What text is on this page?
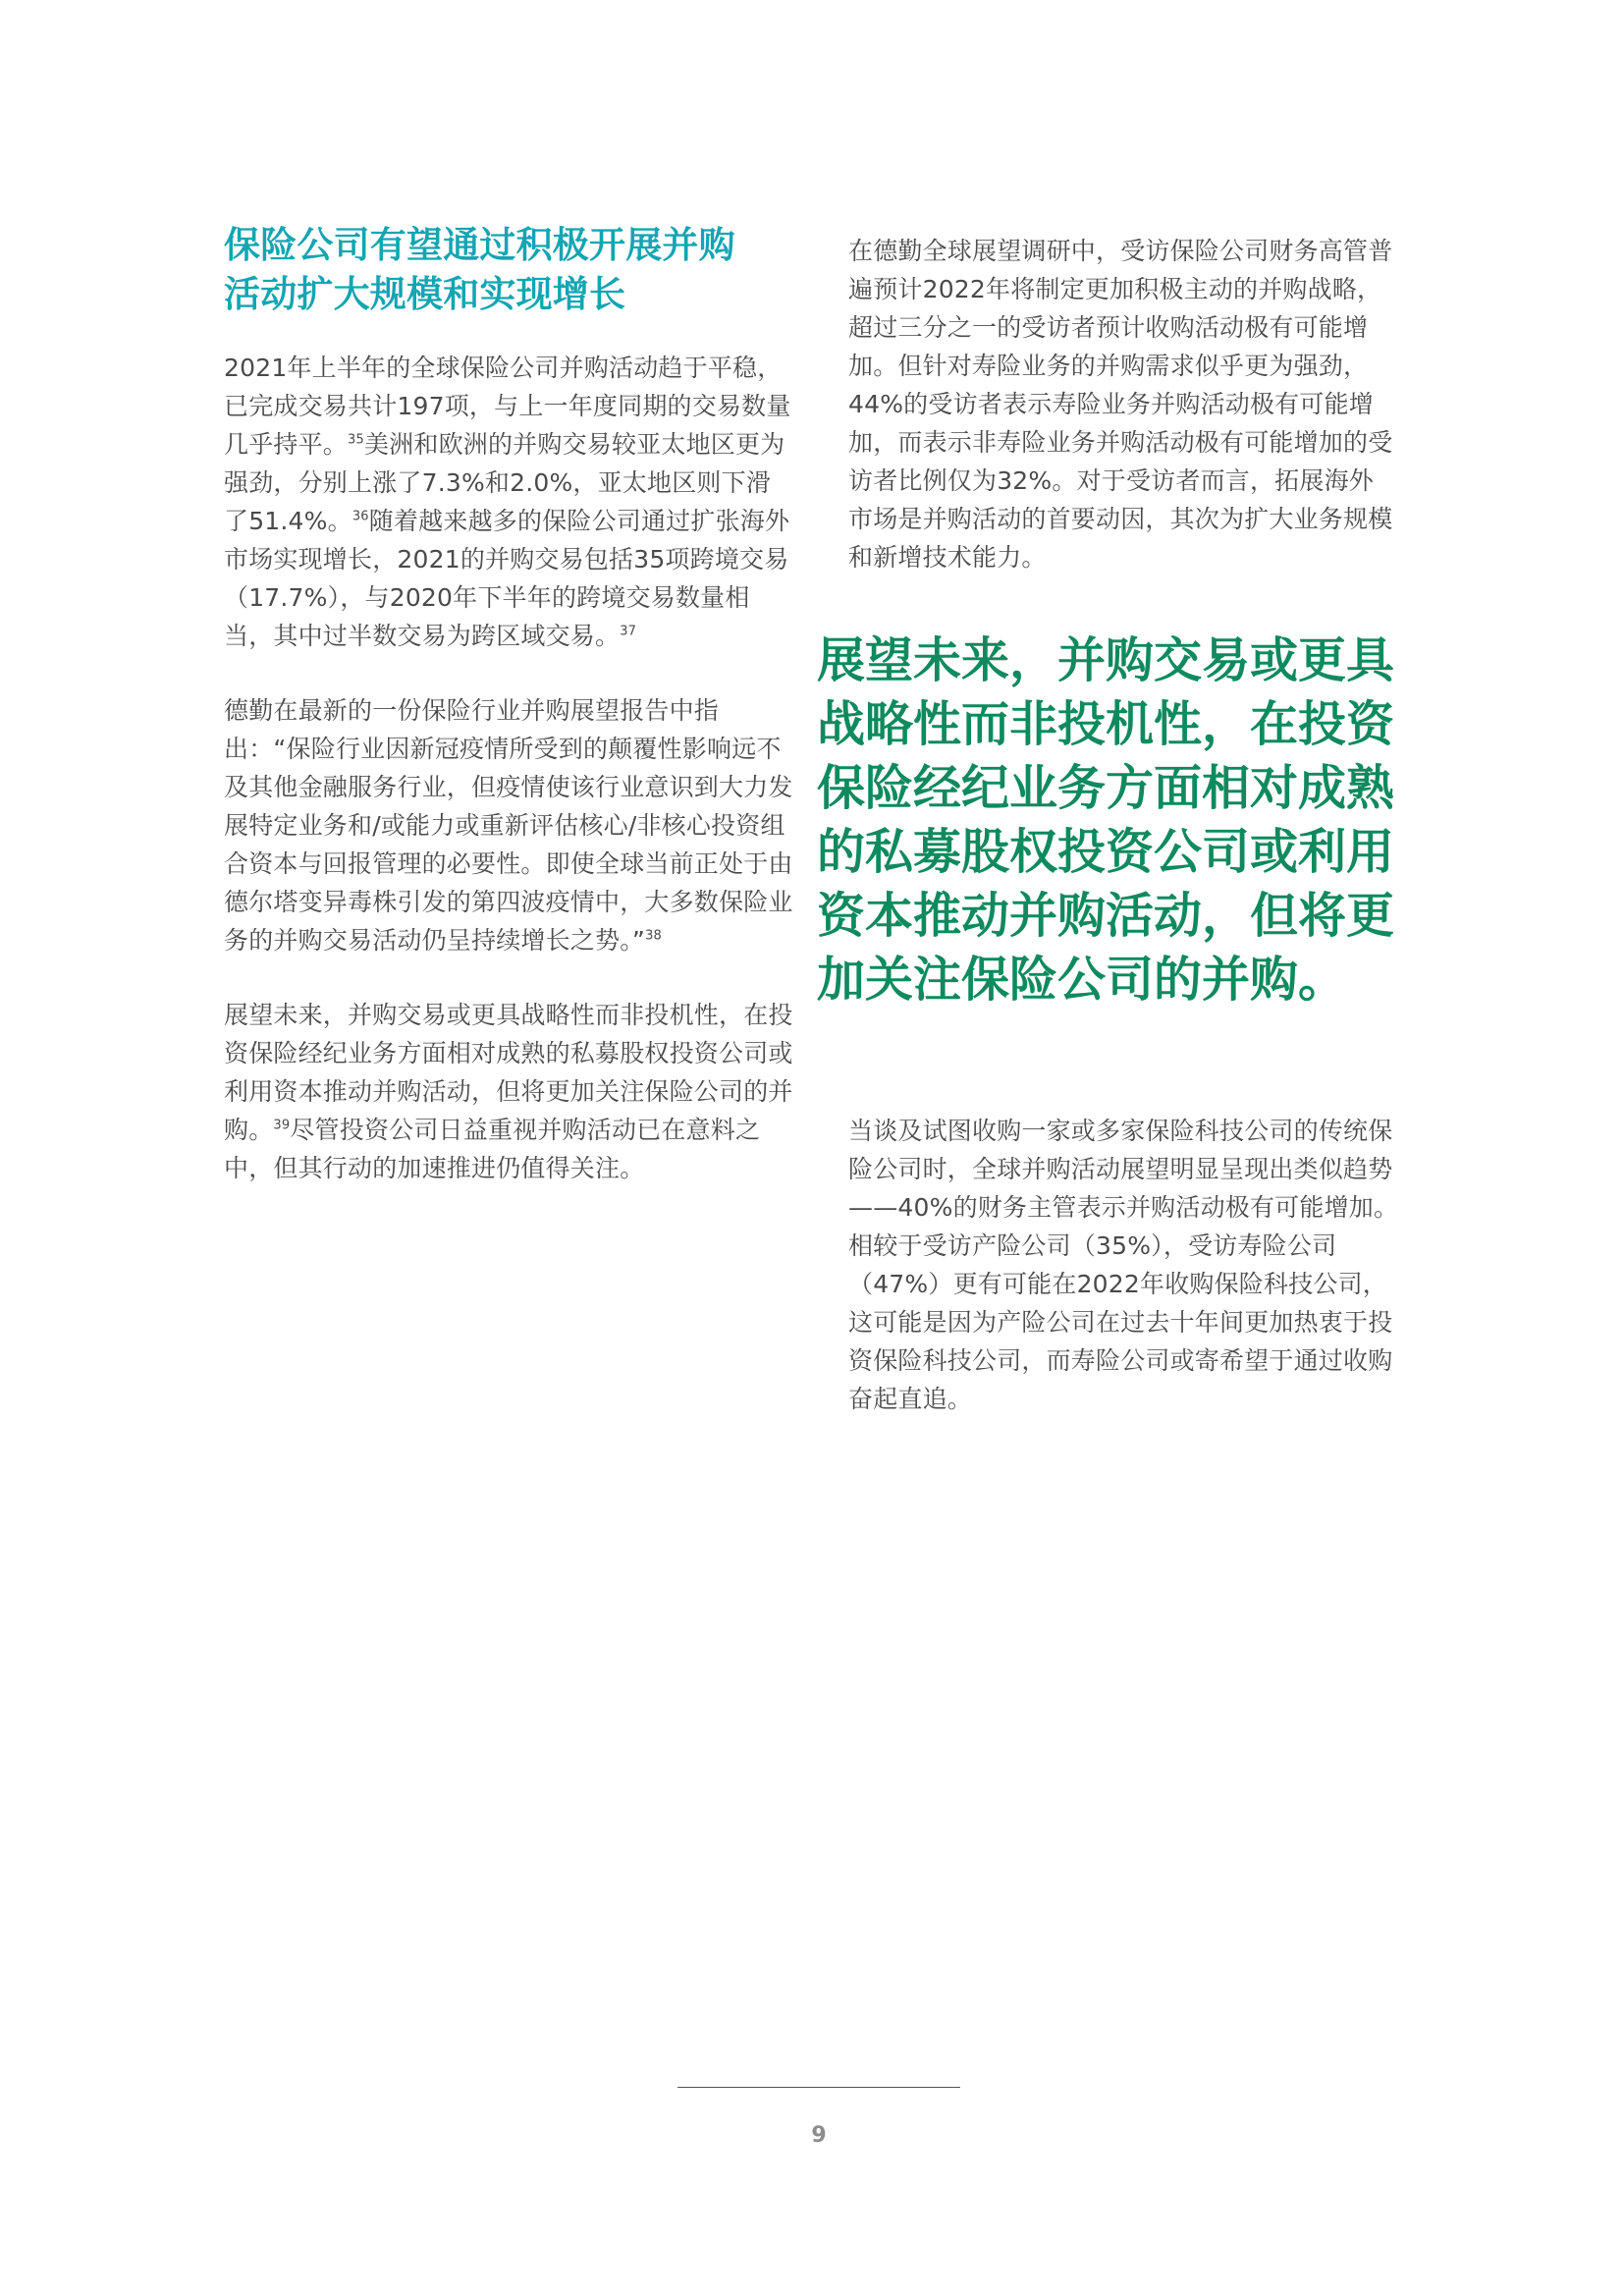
保险公司有望通过积极开展并购
活动扩大规模和实现增长

2021年上半年的全球保险公司并购活动趋于平稳，已完成交易共计197项，与上一年度同期的交易数量几乎持平。$^{35}$美洲和欧洲的并购交易较亚太地区更为强劲，分别上涨了7.3%和2.0%，亚太地区则下滑了51.4%。$^{36}$随着越来越多的保险公司通过扩张海外市场实现增长，2021的并购交易包括35项跨境交易（17.7%），与2020年下半年的跨境交易数量相当，其中过半数交易为跨区域交易。$^{37}$

德勤在最新的一份保险行业并购展望报告中指出：“保险行业因新冠疫情所受到的颠覆性影响远不及其他金融服务行业，但疫情使该行业意识到大力发展特定业务和/或能力或重新评估核心/非核心投资组合资本与回报管理的必要性。即使全球当前正处于由德尔塔变异毒株引发的第四波疫情中，大多数保险业务的并购交易活动仍呈持续增长之势。”$^{38}$

展望未来，并购交易或更具战略性而非投机性，在投资保险经纪业务方面相对成熟的私募股权投资公司或利用资本推动并购活动，但将更加关注保险公司的并购。$^{39}$尽管投资公司日益重视并购活动已在意料之中，但其行动的加速推进仍值得关注。

在德勤全球展望调研中，受访保险公司财务高管普遍预计2022年将制定更加积极主动的并购战略，超过三分之一的受访者预计收购活动极有可能增加。但针对寿险业务的并购需求似乎更为强劲，44%的受访者表示寿险业务并购活动极有可能增加，而表示非寿险业务并购活动极有可能增加的受访者比例仅为32%。对于受访者而言，拓展海外市场是并购活动的首要动因，其次为扩大业务规模和新增技术能力。

展望未来，并购交易或更具战略性而非投机性，在投资保险经纪业务方面相对成熟的私募股权投资公司或利用资本推动并购活动，但将更加关注保险公司的并购。

当谈及试图收购一家或多家保险科技公司的传统保险公司时，全球并购活动展望明显呈现出类似趋势——40%的财务主管表示并购活动极有可能增加。相较于受访产险公司（35%），受访寿险公司（47%）更有可能在2022年收购保险科技公司，这可能是因为产险公司在过去十年间更加热衷于投资保险科技公司，而寿险公司或寄希望于通过收购奋起直追。

9
